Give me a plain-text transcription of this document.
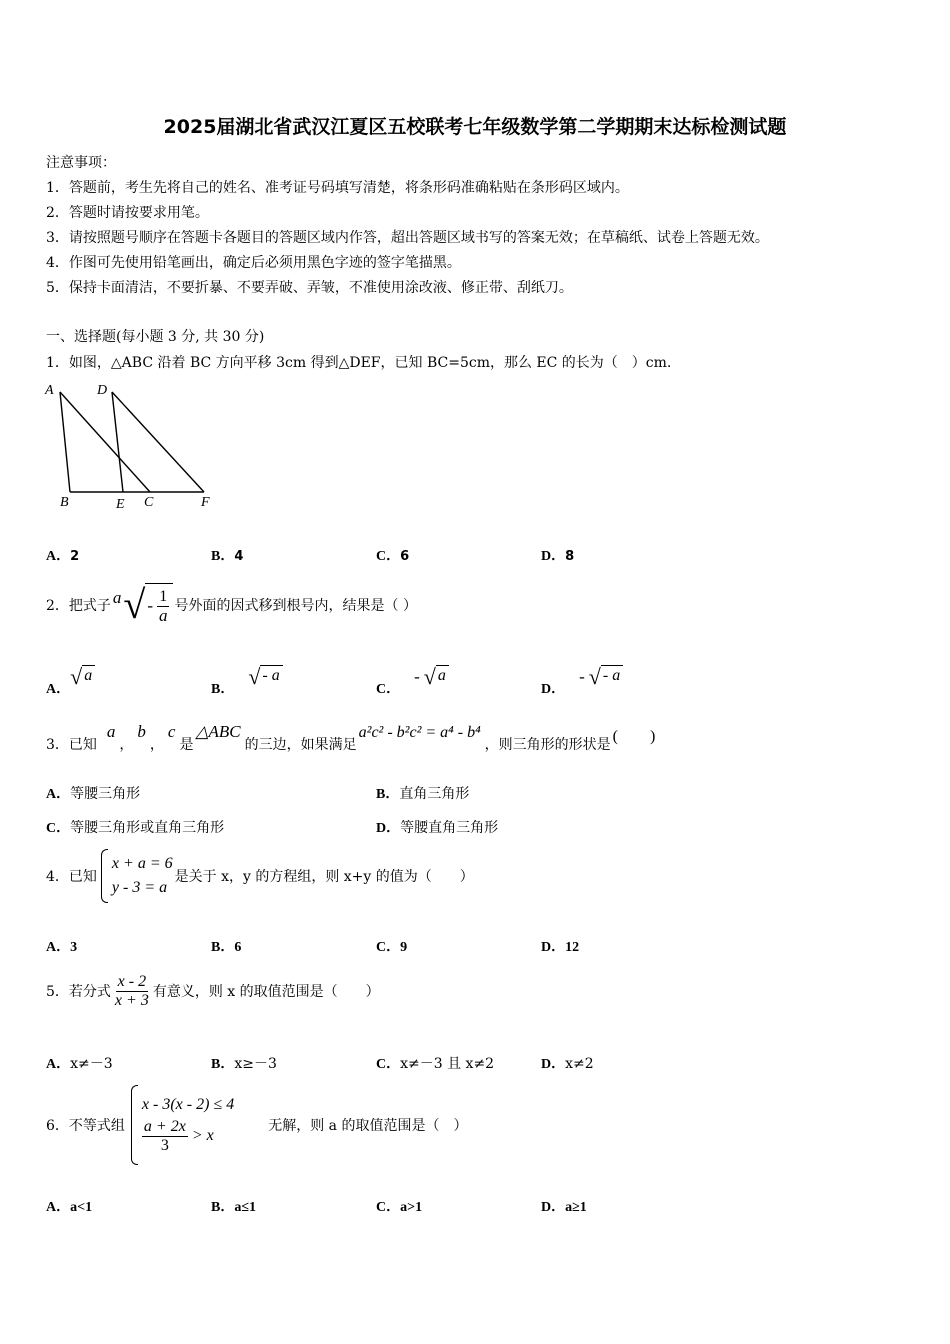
2025届湖北省武汉江夏区五校联考七年级数学第二学期期末达标检测试题
注意事项：
1．答题前，考生先将自己的姓名、准考证号码填写清楚，将条形码准确粘贴在条形码区域内。
2．答题时请按要求用笔。
3．请按照题号顺序在答题卡各题目的答题区域内作答，超出答题区域书写的答案无效；在草稿纸、试卷上答题无效。
4．作图可先使用铅笔画出，确定后必须用黑色字迹的签字笔描黑。
5．保持卡面清洁，不要折暴、不要弄破、弄皱，不准使用涂改液、修正带、刮纸刀。
一、选择题(每小题 3 分, 共 30 分)
1．如图，△ABC 沿着 BC 方向平移 3cm 得到△DEF，已知 BC=5cm，那么 EC 的长为（　）cm.
A	D
B	E C	F
A．2	B．4	C．6	D．8
2．把式子 a √ - $\frac{1}{a}$ 号外面的因式移到根号内，结果是（ ）
A．
√ a
B．
√ - a
C．
- √ a
D．
- √ - a
3．已知
a
，
b
，
c
是
△ABC
的三边，如果满足
a²c² - b²c² = a⁴ - b⁴
，则三角形的形状是 (　　)
A．等腰三角形	B．直角三角形
C．等腰三角形或直角三角形	D．等腰直角三角形
4．已知
x + a = 6
y - 3 = a
是关于 x，y 的方程组，则 x+y 的值为（　　）
A．3	B．6	C．9	D．12
5．若分式 $\frac{x - 2}{x + 3}$ 有意义，则 x 的取值范围是（　　）
A．x≠－3	B．x≥－3	C．x≠－3 且 x≠2	D．x≠2
6．不等式组
x - 3(x - 2) ≤ 4
$\frac{a + 2x}{3} > x$
无解，则 a 的取值范围是（　）
A．a<1	B．a≤1	C．a>1	D．a≥1
